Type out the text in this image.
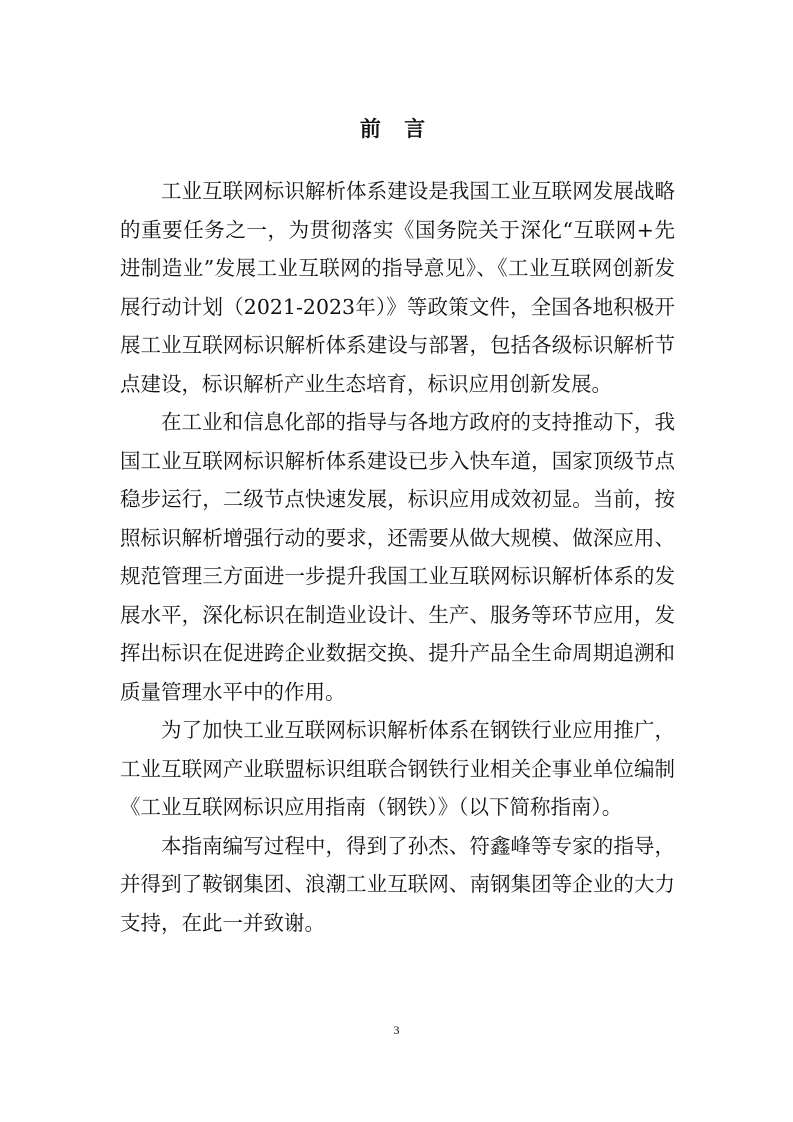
前 言

工业互联网标识解析体系建设是我国工业互联网发展战略的重要任务之一，为贯彻落实《国务院关于深化“互联网+先进制造业”发展工业互联网的指导意见》、《工业互联网创新发展行动计划（2021-2023年）》等政策文件，全国各地积极开展工业互联网标识解析体系建设与部署，包括各级标识解析节点建设，标识解析产业生态培育，标识应用创新发展。

在工业和信息化部的指导与各地方政府的支持推动下，我国工业互联网标识解析体系建设已步入快车道，国家顶级节点稳步运行，二级节点快速发展，标识应用成效初显。当前，按照标识解析增强行动的要求，还需要从做大规模、做深应用、规范管理三方面进一步提升我国工业互联网标识解析体系的发展水平，深化标识在制造业设计、生产、服务等环节应用，发挥出标识在促进跨企业数据交换、提升产品全生命周期追溯和质量管理水平中的作用。

为了加快工业互联网标识解析体系在钢铁行业应用推广，工业互联网产业联盟标识组联合钢铁行业相关企事业单位编制《工业互联网标识应用指南（钢铁）》（以下简称指南）。

本指南编写过程中，得到了孙杰、符鑫峰等专家的指导，并得到了鞍钢集团、浪潮工业互联网、南钢集团等企业的大力支持，在此一并致谢。

3
